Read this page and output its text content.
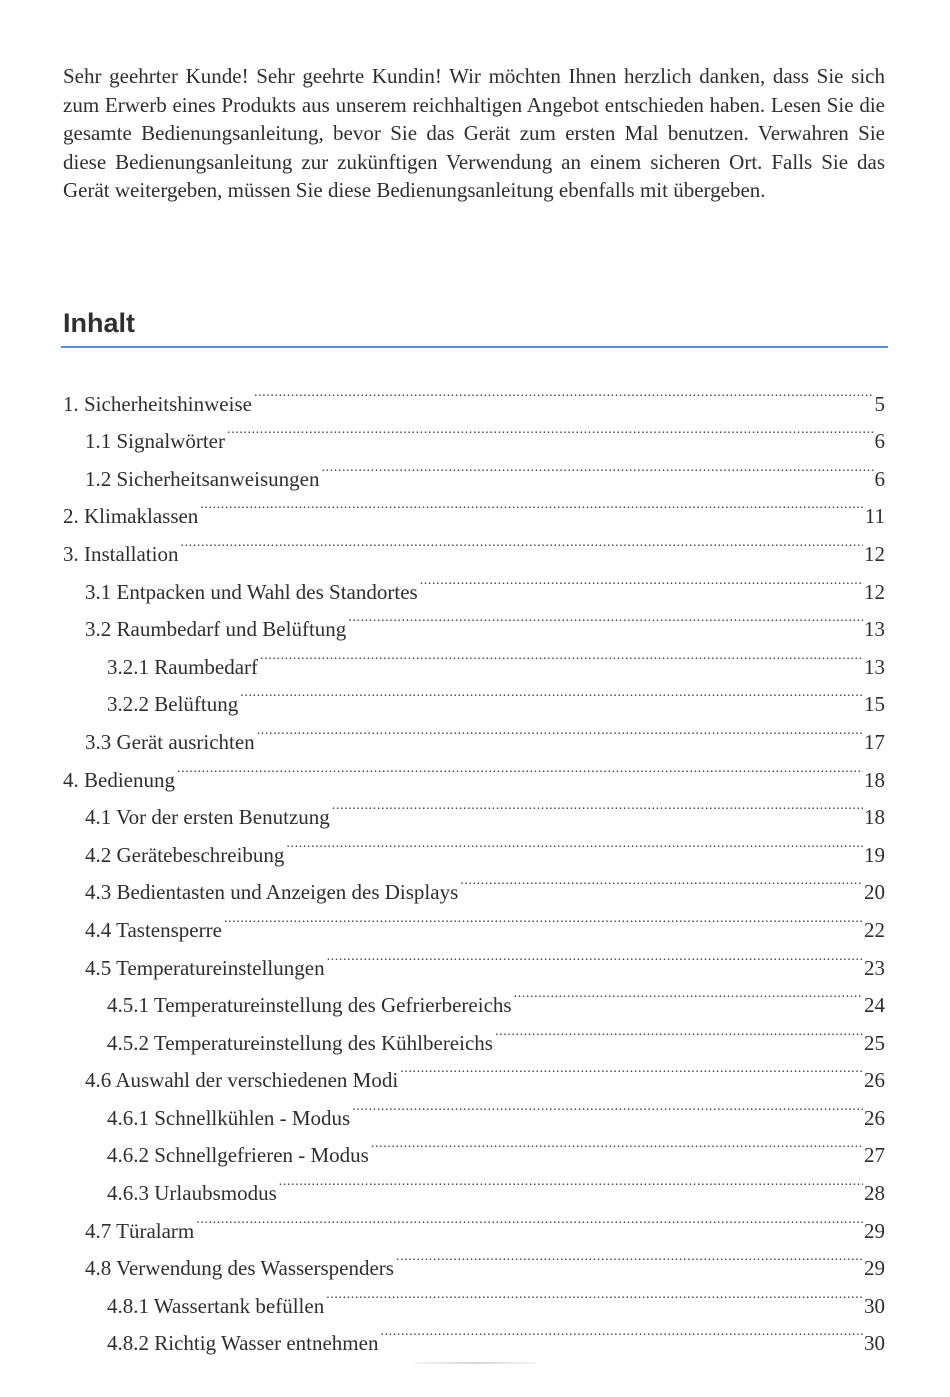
Sehr geehrter Kunde! Sehr geehrte Kundin! Wir möchten Ihnen herzlich danken, dass Sie sich zum Erwerb eines Produkts aus unserem reichhaltigen Angebot entschieden haben. Lesen Sie die gesamte Bedienungsanleitung, bevor Sie das Gerät zum ersten Mal benutzen. Verwahren Sie diese Bedienungsanleitung zur zukünftigen Verwendung an einem sicheren Ort. Falls Sie das Gerät weitergeben, müssen Sie diese Bedienungsanleitung ebenfalls mit übergeben.

Inhalt
1. Sicherheitshinweise .....	5
1.1 Signalwörter .....	6
1.2 Sicherheitsanweisungen .....	6
2. Klimaklassen .....	11
3. Installation .....	12
3.1 Entpacken und Wahl des Standortes .....	12
3.2 Raumbedarf und Belüftung .....	13
3.2.1 Raumbedarf .....	13
3.2.2 Belüftung .....	15
3.3 Gerät ausrichten .....	17
4. Bedienung .....	18
4.1 Vor der ersten Benutzung .....	18
4.2 Gerätebeschreibung .....	19
4.3 Bedientasten und Anzeigen des Displays .....	20
4.4 Tastensperre .....	22
4.5 Temperatureinstellungen .....	23
4.5.1 Temperatureinstellung des Gefrierbereichs .....	24
4.5.2 Temperatureinstellung des Kühlbereichs .....	25
4.6 Auswahl der verschiedenen Modi .....	26
4.6.1 Schnellkühlen - Modus .....	26
4.6.2 Schnellgefrieren - Modus .....	27
4.6.3 Urlaubsmodus .....	28
4.7 Türalarm .....	29
4.8 Verwendung des Wasserspenders .....	29
4.8.1 Wassertank befüllen .....	30
4.8.2 Richtig Wasser entnehmen .....	30
